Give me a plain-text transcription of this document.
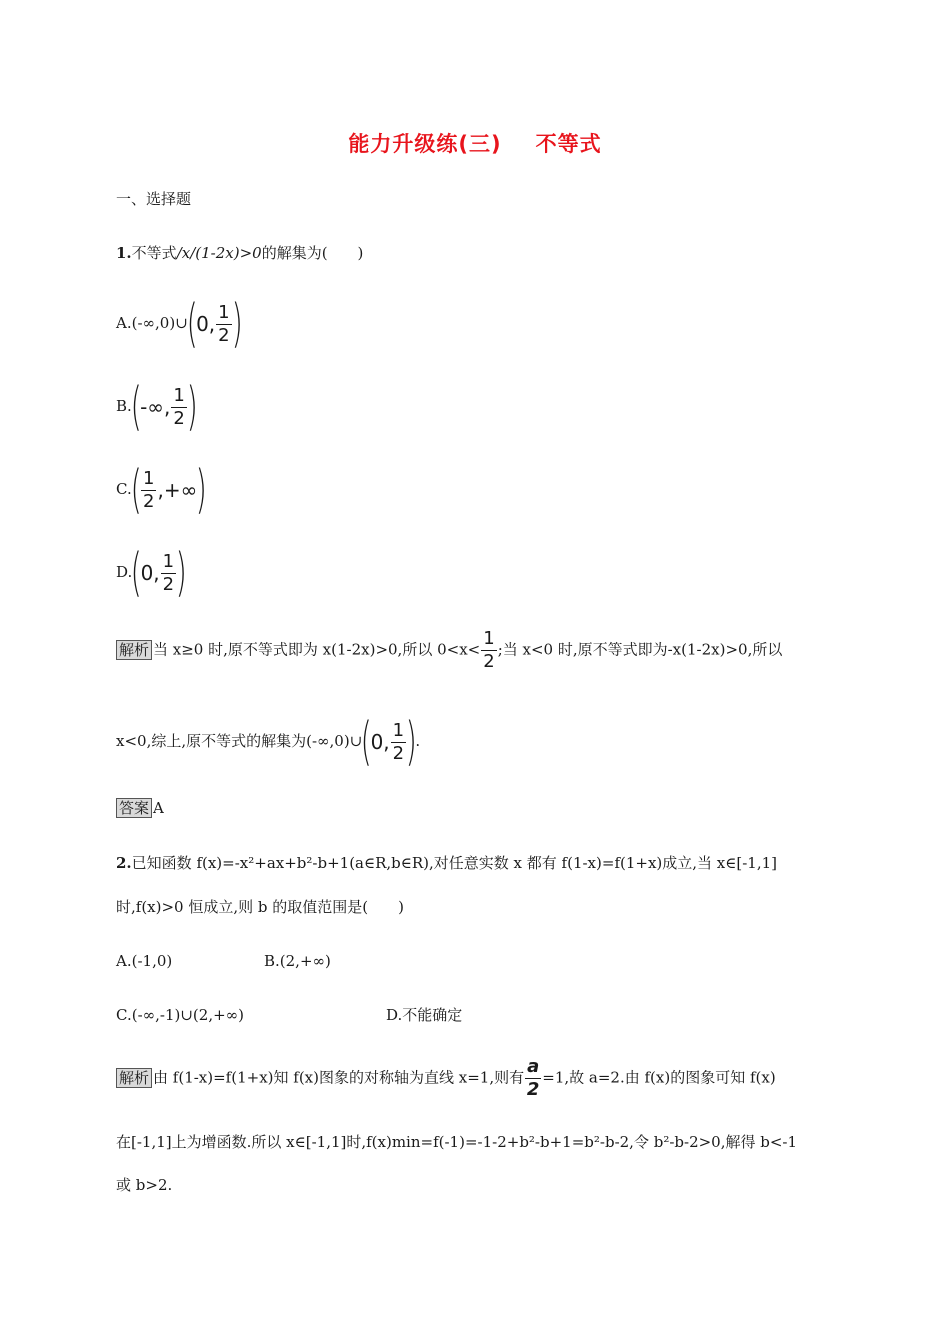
能力升级练(三) 不等式
一、选择题
1.不等式/x/(1-2x)>0的解集为(　　)
A.(-∞,0)∪(0, $\frac{1}{2}$ )
B.(-∞, $\frac{1}{2}$ )
$C.( \frac{1}{2}$ ,+∞)
D.(0, $\frac{1}{2}$ )
解析 当 x≥0 时,原不等式即为 x(1-2x)>0,所以 $0<x< \frac{1}{2}$ ;当 x<0 时,原不等式即为-x(1-2x)>0,所以
x<0,综上,原不等式的解集为(-∞,0)∪(0, $\frac{1}{2}$ ).
答案 A
2.已知函数 f(x)=-x²+ax+b²-b+1(a∈R,b∈R),对任意实数 x 都有 f(1-x)=f(1+x)成立,当 x∈[-1,1]
时,f(x)>0 恒成立,则 b 的取值范围是(　　)
A.(-1,0)	B.(2,+∞)
C.(-∞,-1)∪(2,+∞)	D.不能确定
解析 由 f(1-x)=f(1+x)知 f(x)图象的对称轴为直线 x=1,则有 $\frac{a}{2} =1$,故 a=2.由 f(x)的图象可知 f(x)
在[-1,1]上为增函数.所以 x∈[-1,1]时,f(x)min=f(-1)=-1-2+b²-b+1=b²-b-2,令 b²-b-2>0,解得 b<-1
或 b>2.
